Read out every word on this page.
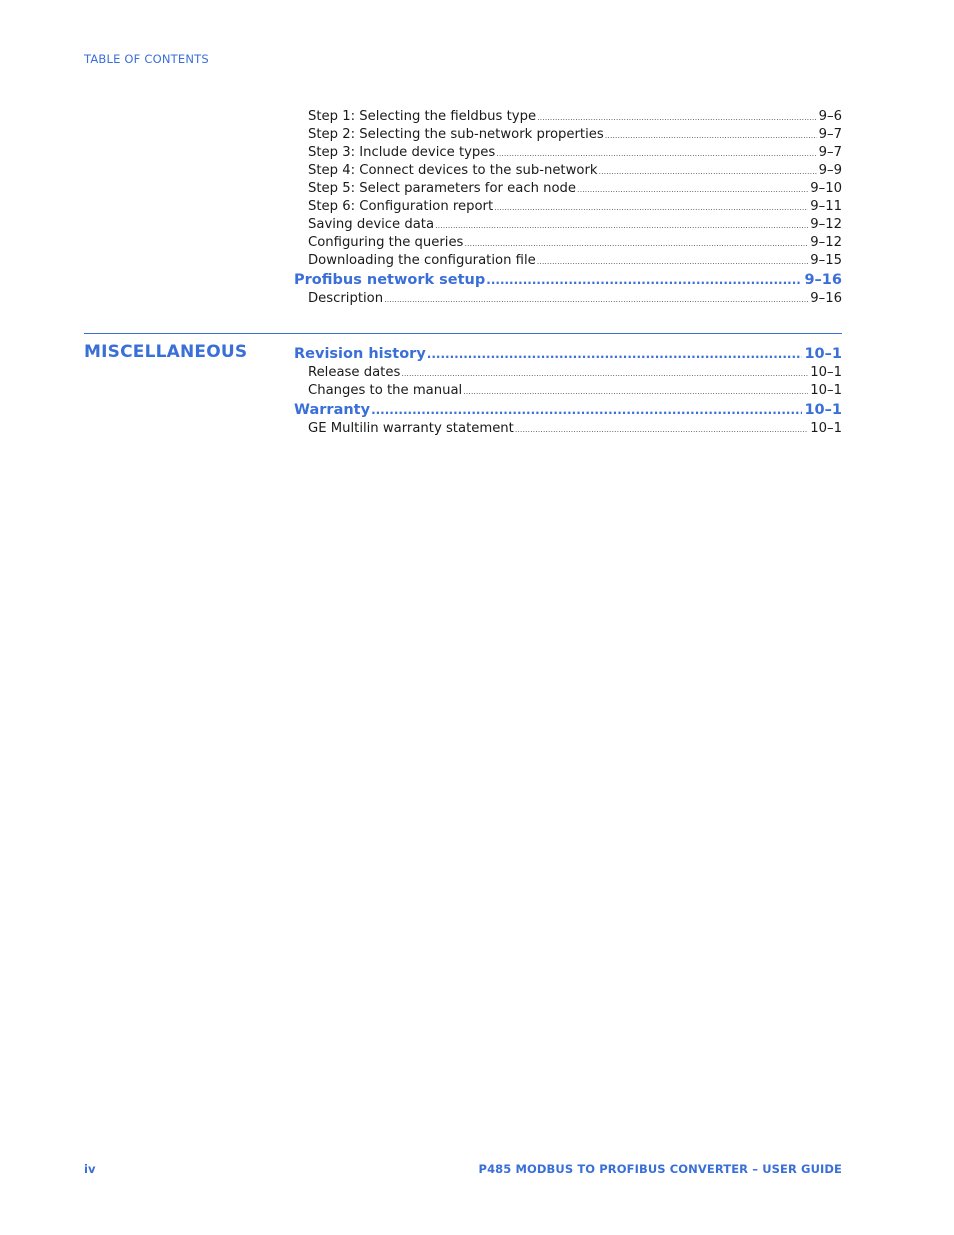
TABLE OF CONTENTS
Step 1: Selecting the fieldbus type .....	9–6
Step 2: Selecting the sub-network properties .....	9–7
Step 3: Include device types .....	9–7
Step 4: Connect devices to the sub-network .....	9–9
Step 5: Select parameters for each node .....	9–10
Step 6: Configuration report .....	9–11
Saving device data .....	9–12
Configuring the queries .....	9–12
Downloading the configuration file .....	9–15
Profibus network setup .....	9–16
Description .....	9–16
MISCELLANEOUS	Revision history .....	10–1
Release dates .....	10–1
Changes to the manual .....	10–1
Warranty .....	10–1
GE Multilin warranty statement .....	10–1
iv	P485 MODBUS TO PROFIBUS CONVERTER – USER GUIDE
